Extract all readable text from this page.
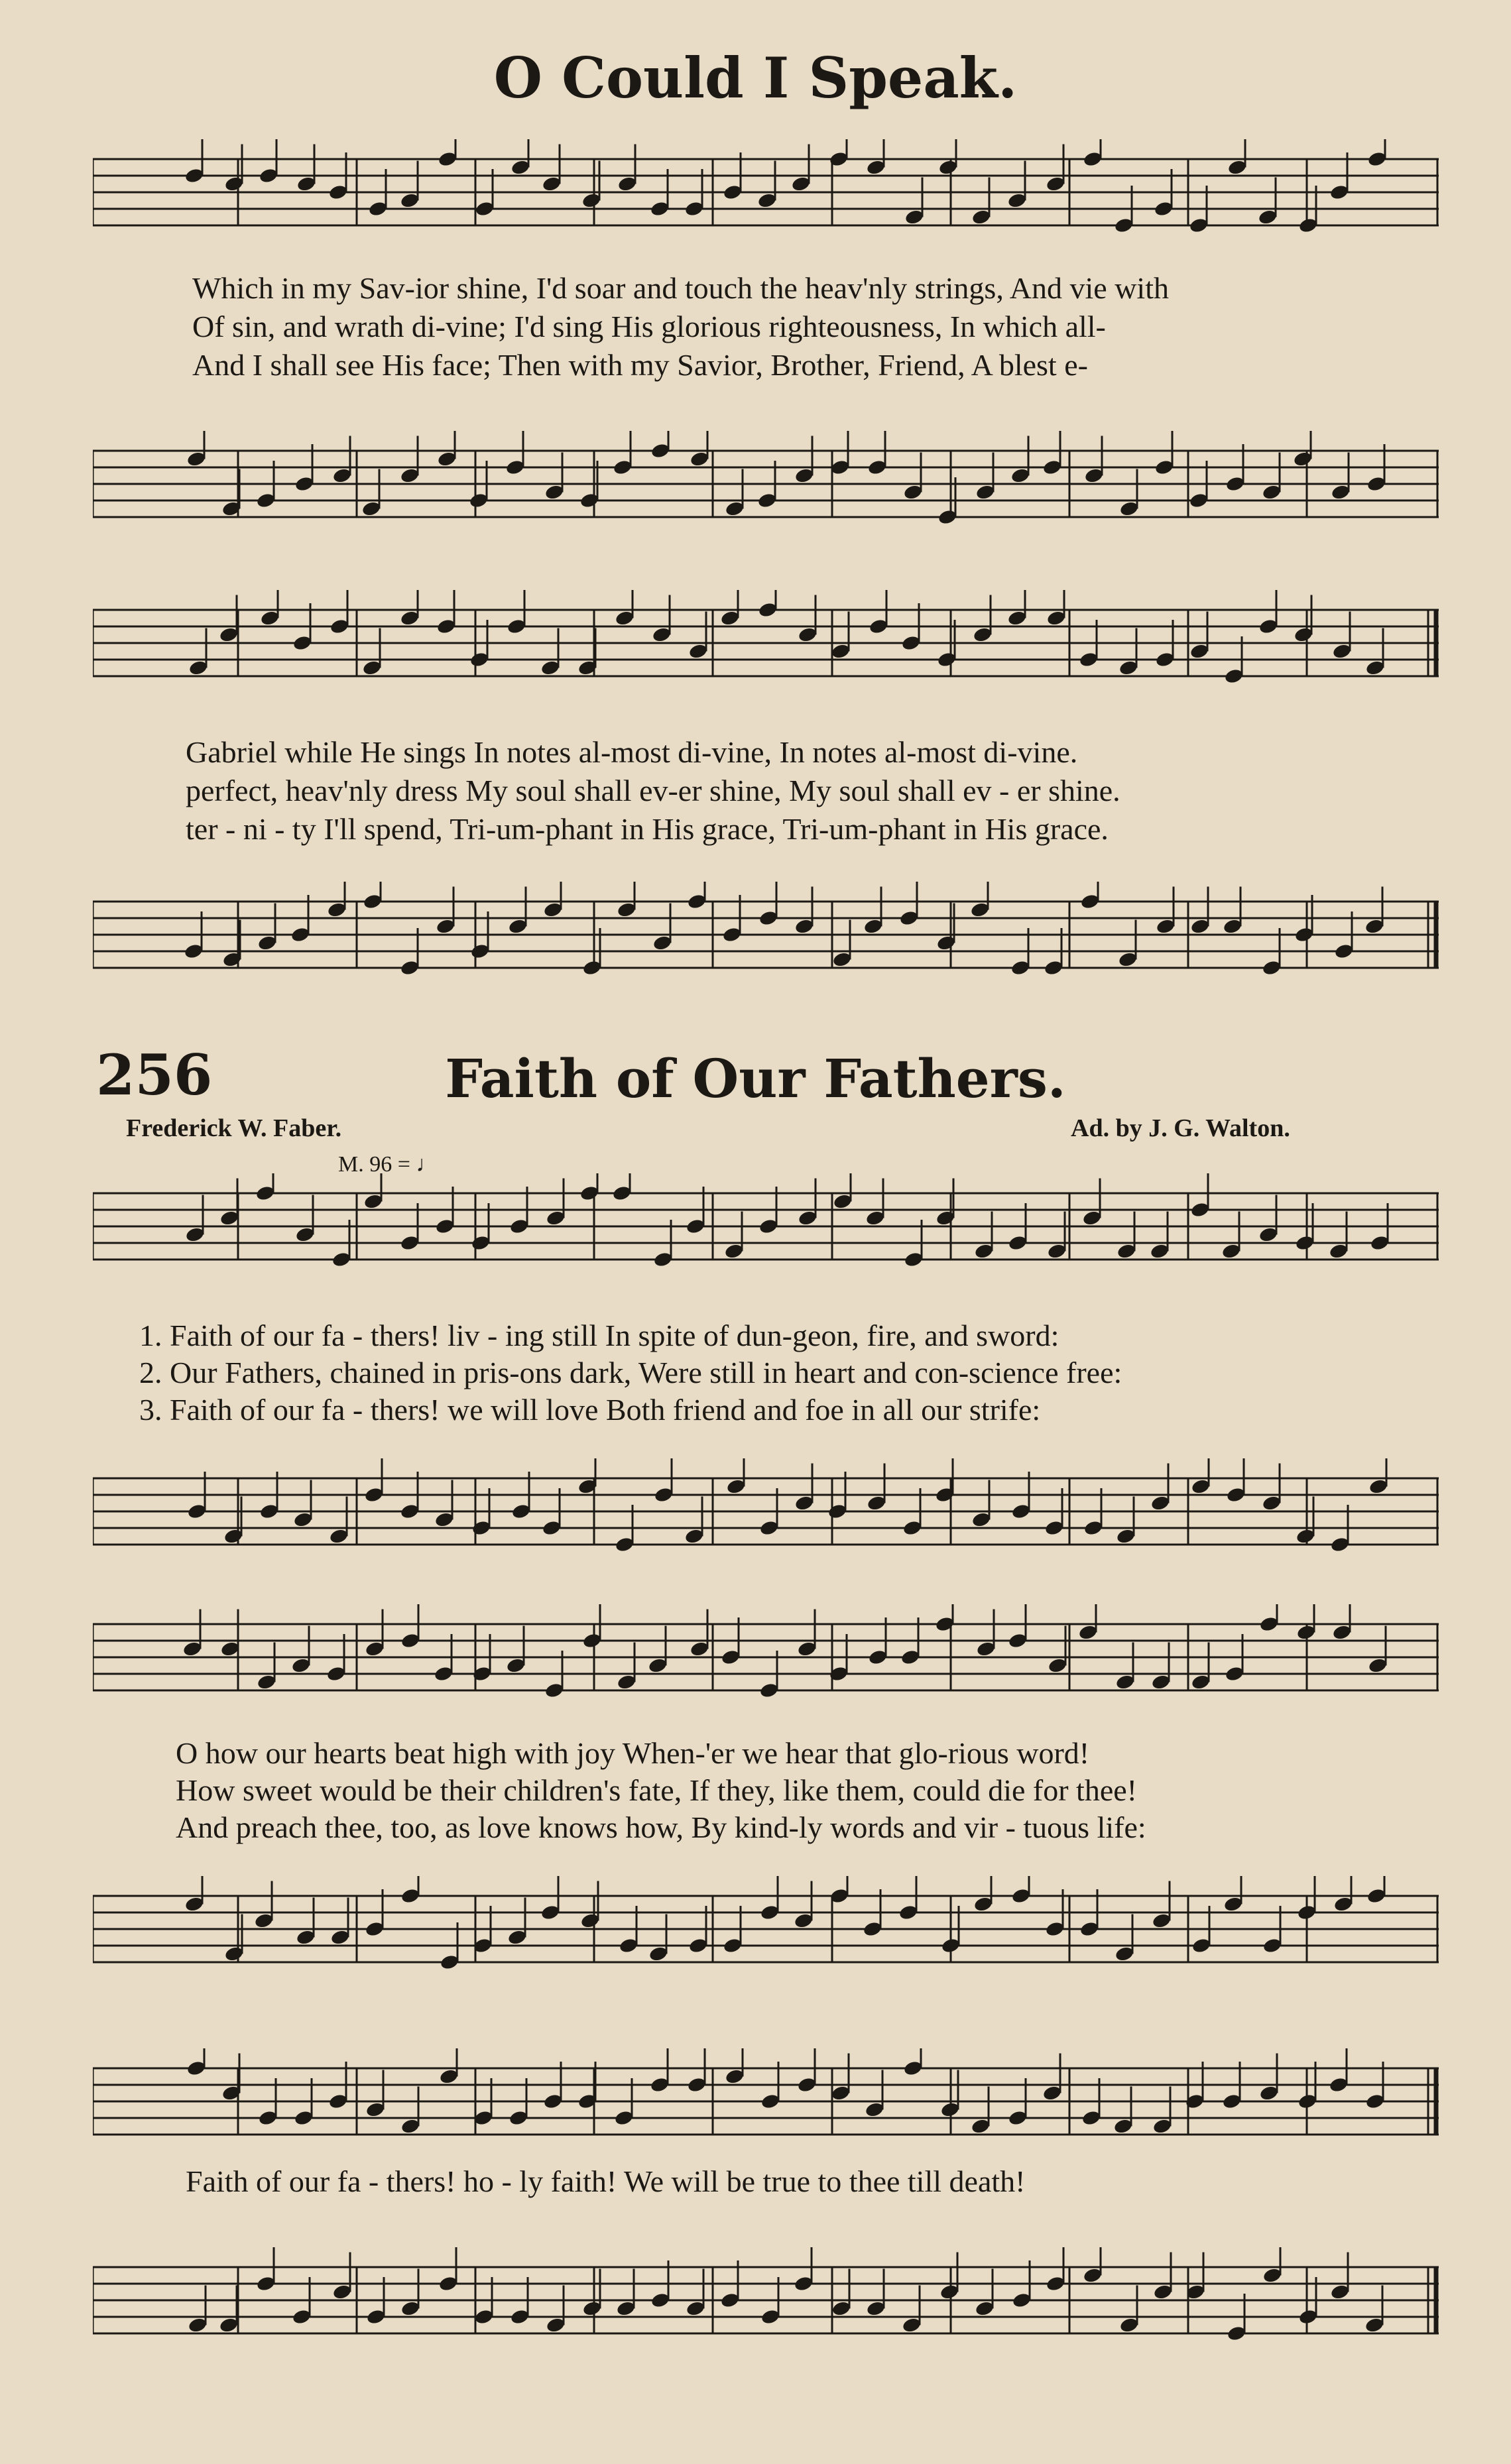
O Could I Speak.
Which in my Sav-ior shine, I'd soar and touch the heav'nly strings, And vie with
Of sin, and wrath di-vine; I'd sing His glorious righteousness, In which all-
And I shall see His face; Then with my Savior, Brother, Friend, A blest e-
Gabriel while He sings In notes al-most di-vine, In notes al-most di-vine.
perfect, heav'nly dress My soul shall ev-er shine, My soul shall ev - er shine.
ter - ni - ty I'll spend, Tri-um-phant in His grace, Tri-um-phant in His grace.
256	Faith of Our Fathers.
Frederick W. Faber.	Ad. by J. G. Walton.
M. 96 = ♩
1. Faith of our fa - thers! liv - ing still In spite of dun-geon, fire, and sword:
2. Our Fathers, chained in pris-ons dark, Were still in heart and con-science free:
3. Faith of our fa - thers! we will love Both friend and foe in all our strife:
O how our hearts beat high with joy When-'er we hear that glo-rious word!
How sweet would be their children's fate, If they, like them, could die for thee!
And preach thee, too, as love knows how, By kind-ly words and vir - tuous life:
Faith of our fa - thers! ho - ly faith! We will be true to thee till death!
